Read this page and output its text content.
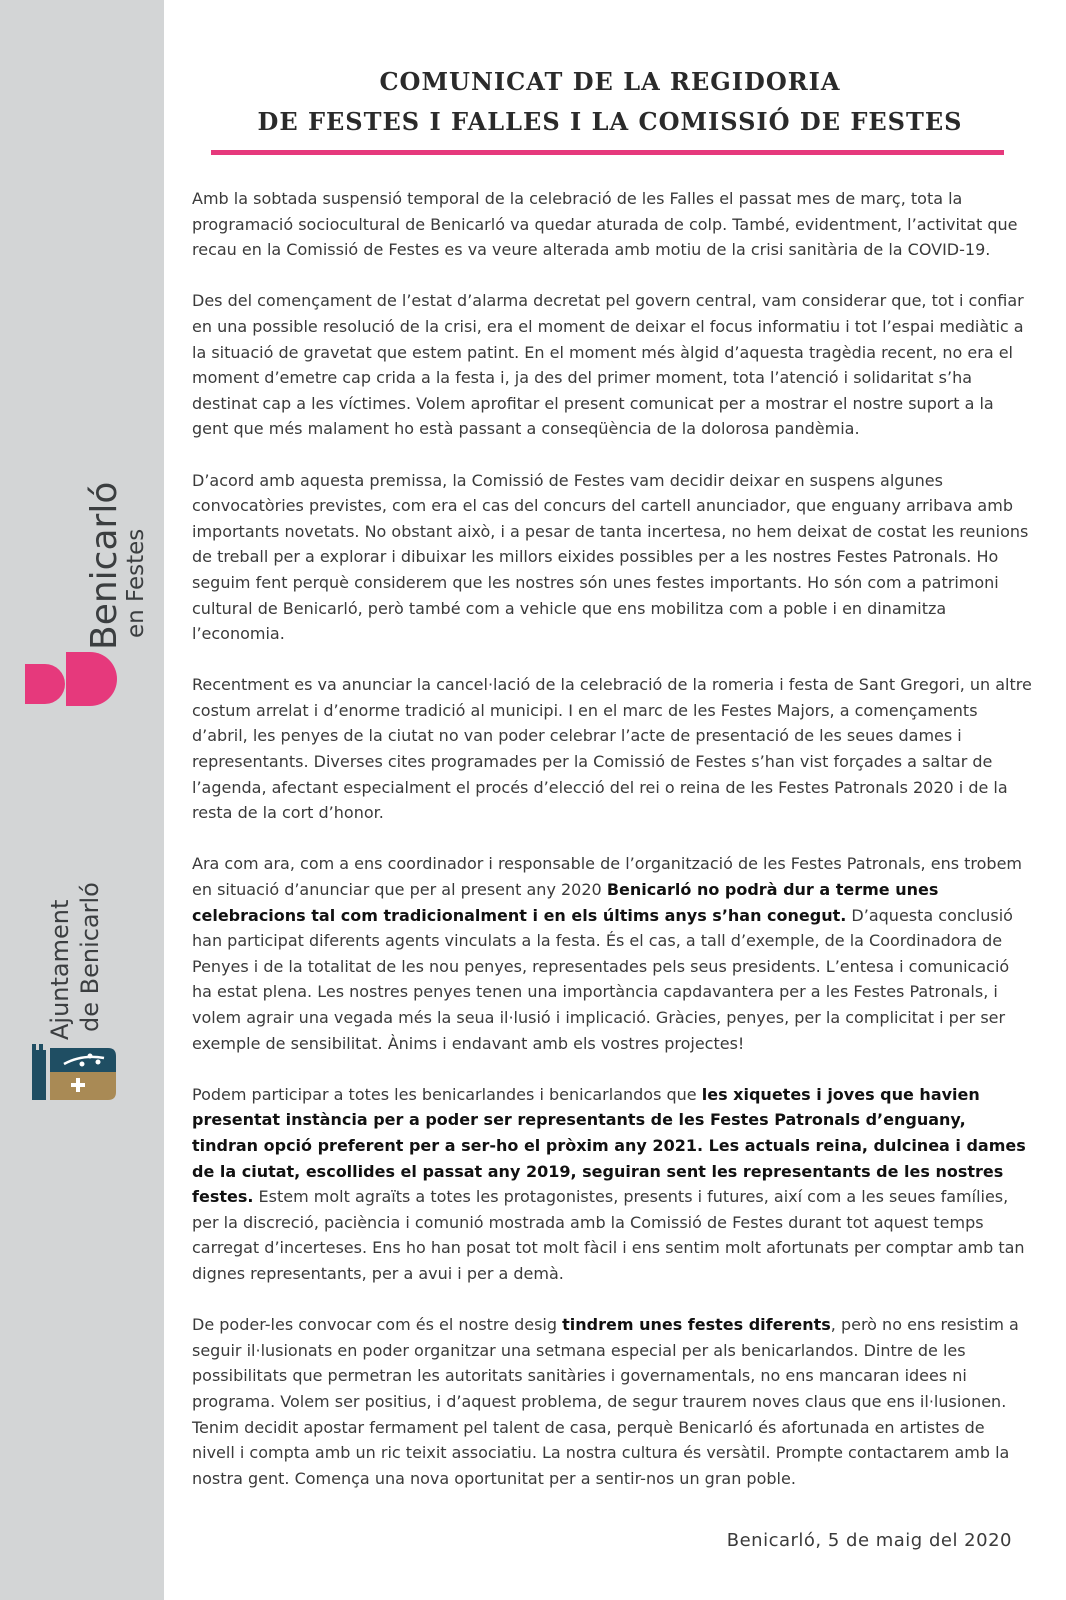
Benicarló
en Festes
Ajuntament de Benicarló
COMUNICAT DE LA REGIDORIA
DE FESTES I FALLES I LA COMISSIÓ DE FESTES

Amb la sobtada suspensió temporal de la celebració de les Falles el passat mes de març, tota la programació sociocultural de Benicarló va quedar aturada de colp. També, evidentment, l’activitat que recau en la Comissió de Festes es va veure alterada amb motiu de la crisi sanitària de la COVID-19.

Des del començament de l’estat d’alarma decretat pel govern central, vam considerar que, tot i confiar en una possible resolució de la crisi, era el moment de deixar el focus informatiu i tot l’espai mediàtic a la situació de gravetat que estem patint. En el moment més àlgid d’aquesta tragèdia recent, no era el moment d’emetre cap crida a la festa i, ja des del primer moment, tota l’atenció i solidaritat s’ha destinat cap a les víctimes. Volem aprofitar el present comunicat per a mostrar el nostre suport a la gent que més malament ho està passant a conseqüència de la dolorosa pandèmia.

D’acord amb aquesta premissa, la Comissió de Festes vam decidir deixar en suspens algunes convocatòries previstes, com era el cas del concurs del cartell anunciador, que enguany arribava amb importants novetats. No obstant això, i a pesar de tanta incertesa, no hem deixat de costat les reunions de treball per a explorar i dibuixar les millors eixides possibles per a les nostres Festes Patronals. Ho seguim fent perquè considerem que les nostres són unes festes importants. Ho són com a patrimoni cultural de Benicarló, però també com a vehicle que ens mobilitza com a poble i en dinamitza l’economia.

Recentment es va anunciar la cancel·lació de la celebració de la romeria i festa de Sant Gregori, un altre costum arrelat i d’enorme tradició al municipi. I en el marc de les Festes Majors, a començaments d’abril, les penyes de la ciutat no van poder celebrar l’acte de presentació de les seues dames i representants. Diverses cites programades per la Comissió de Festes s’han vist forçades a saltar de l’agenda, afectant especialment el procés d’elecció del rei o reina de les Festes Patronals 2020 i de la resta de la cort d’honor.

Ara com ara, com a ens coordinador i responsable de l’organització de les Festes Patronals, ens trobem en situació d’anunciar que per al present any 2020 Benicarló no podrà dur a terme unes celebracions tal com tradicionalment i en els últims anys s’han conegut. D’aquesta conclusió han participat diferents agents vinculats a la festa. És el cas, a tall d’exemple, de la Coordinadora de Penyes i de la totalitat de les nou penyes, representades pels seus presidents. L’entesa i comunicació ha estat plena. Les nostres penyes tenen una importància capdavantera per a les Festes Patronals, i volem agrair una vegada més la seua il·lusió i implicació. Gràcies, penyes, per la complicitat i per ser exemple de sensibilitat. Ànims i endavant amb els vostres projectes!

Podem participar a totes les benicarlandes i benicarlandos que les xiquetes i joves que havien presentat instància per a poder ser representants de les Festes Patronals d’enguany, tindran opció preferent per a ser-ho el pròxim any 2021. Les actuals reina, dulcinea i dames de la ciutat, escollides el passat any 2019, seguiran sent les representants de les nostres festes. Estem molt agraïts a totes les protagonistes, presents i futures, així com a les seues famílies, per la discreció, paciència i comunió mostrada amb la Comissió de Festes durant tot aquest temps carregat d’incerteses. Ens ho han posat tot molt fàcil i ens sentim molt afortunats per comptar amb tan dignes representants, per a avui i per a demà.

De poder-les convocar com és el nostre desig tindrem unes festes diferents, però no ens resistim a seguir il·lusionats en poder organitzar una setmana especial per als benicarlandos. Dintre de les possibilitats que permetran les autoritats sanitàries i governamentals, no ens mancaran idees ni programa. Volem ser positius, i d’aquest problema, de segur traurem noves claus que ens il·lusionen. Tenim decidit apostar fermament pel talent de casa, perquè Benicarló és afortunada en artistes de nivell i compta amb un ric teixit associatiu. La nostra cultura és versàtil. Prompte contactarem amb la nostra gent. Comença una nova oportunitat per a sentir-nos un gran poble.

Benicarló, 5 de maig del 2020
